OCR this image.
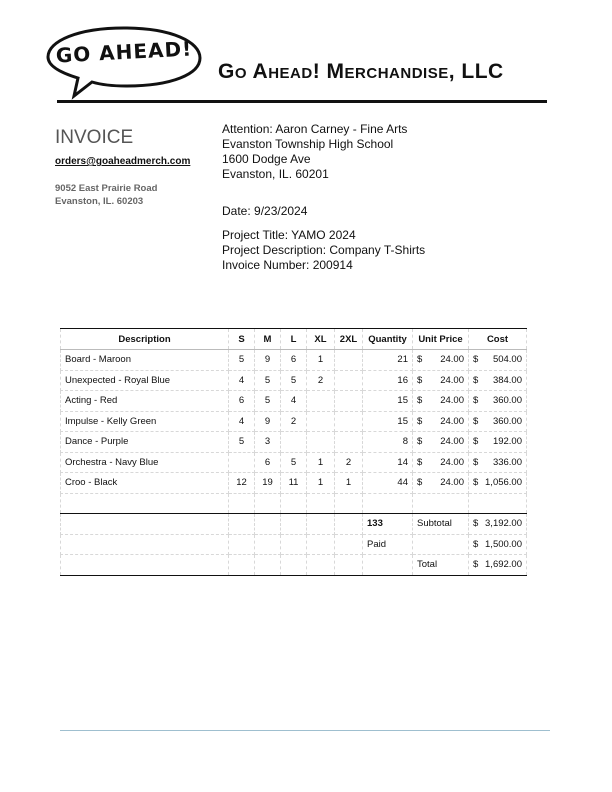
GO AHEAD!
Go Ahead! Merchandise, LLC
INVOICE
orders@goaheadmerch.com
9052 East Prairie Road
Evanston, IL. 60203
Attention: Aaron Carney - Fine Arts
Evanston Township High School
1600 Dodge Ave
Evanston, IL. 60201
Date: 9/23/2024
Project Title: YAMO 2024
Project Description: Company T-Shirts
Invoice Number: 200914
Description	S	M	L	XL	2XL	Quantity	Unit Price	Cost
Board - Maroon	5	9	6	1		21	$ 24.00	$ 504.00

Unexpected - Royal Blue	4	5	5	2		16	$ 24.00	$ 384.00

Acting - Red	6	5	4			15	$ 24.00	$ 360.00

Impulse - Kelly Green	4	9	2			15	$ 24.00	$ 360.00

Dance - Purple	5	3				8	$ 24.00	$ 192.00

Orchestra - Navy Blue		6	5	1	2	14	$ 24.00	$ 336.00

Croo - Black	12	19	11	1	1	44	$ 24.00	$ 1,056.00

						133	Subtotal	$ 3,192.00

						Paid		$ 1,500.00

							Total	$ 1,692.00
